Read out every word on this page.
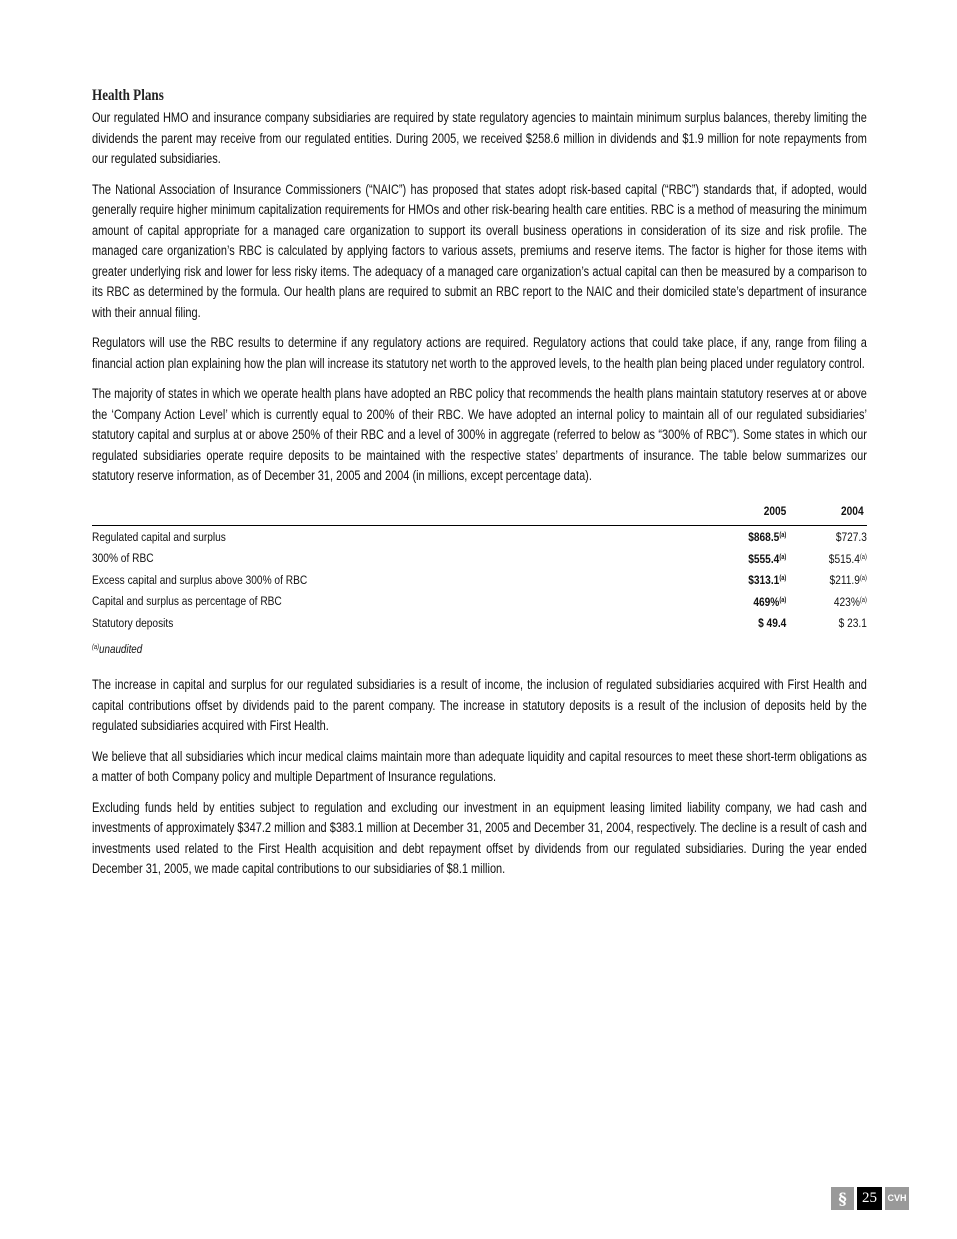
Health Plans

Our regulated HMO and insurance company subsidiaries are required by state regulatory agencies to maintain minimum surplus balances, thereby limiting the dividends the parent may receive from our regulated entities. During 2005, we received $258.6 million in dividends and $1.9 million for note repayments from our regulated subsidiaries.

The National Association of Insurance Commissioners (“NAIC”) has proposed that states adopt risk-based capital (“RBC”) standards that, if adopted, would generally require higher minimum capitalization requirements for HMOs and other risk-bearing health care entities. RBC is a method of measuring the minimum amount of capital appropriate for a managed care organization to support its overall business operations in consideration of its size and risk profile. The managed care organization’s RBC is calculated by applying factors to various assets, premiums and reserve items. The factor is higher for those items with greater underlying risk and lower for less risky items. The adequacy of a managed care organization’s actual capital can then be measured by a comparison to its RBC as determined by the formula. Our health plans are required to submit an RBC report to the NAIC and their domiciled state’s department of insurance with their annual filing.

Regulators will use the RBC results to determine if any regulatory actions are required. Regulatory actions that could take place, if any, range from filing a financial action plan explaining how the plan will increase its statutory net worth to the approved levels, to the health plan being placed under regulatory control.

The majority of states in which we operate health plans have adopted an RBC policy that recommends the health plans maintain statutory reserves at or above the ‘Company Action Level’ which is currently equal to 200% of their RBC. We have adopted an internal policy to maintain all of our regulated subsidiaries’ statutory capital and surplus at or above 250% of their RBC and a level of 300% in aggregate (referred to below as “300% of RBC”). Some states in which our regulated subsidiaries operate require deposits to be maintained with the respective states’ departments of insurance. The table below summarizes our statutory reserve information, as of December 31, 2005 and 2004 (in millions, except percentage data).

	2005	2004
Regulated capital and surplus	$868.5$^{(a)}$	$727.3
300% of RBC	$555.4$^{(a)}$	$515.4$^{(a)}$
Excess capital and surplus above 300% of RBC	$313.1$^{(a)}$	$211.9$^{(a)}$
Capital and surplus as percentage of RBC	469%$^{(a)}$	423%$^{(a)}$
Statutory deposits	$ 49.4	$ 23.1
$^{(a)}$unaudited

The increase in capital and surplus for our regulated subsidiaries is a result of income, the inclusion of regulated subsidiaries acquired with First Health and capital contributions offset by dividends paid to the parent company. The increase in statutory deposits is a result of the inclusion of deposits held by the regulated subsidiaries acquired with First Health.

We believe that all subsidiaries which incur medical claims maintain more than adequate liquidity and capital resources to meet these short-term obligations as a matter of both Company policy and multiple Department of Insurance regulations.

Excluding funds held by entities subject to regulation and excluding our investment in an equipment leasing limited liability company, we had cash and investments of approximately $347.2 million and $383.1 million at December 31, 2005 and December 31, 2004, respectively. The decline is a result of cash and investments used related to the First Health acquisition and debt repayment offset by dividends from our regulated subsidiaries. During the year ended December 31, 2005, we made capital contributions to our subsidiaries of $8.1 million.

§	25	CVH
